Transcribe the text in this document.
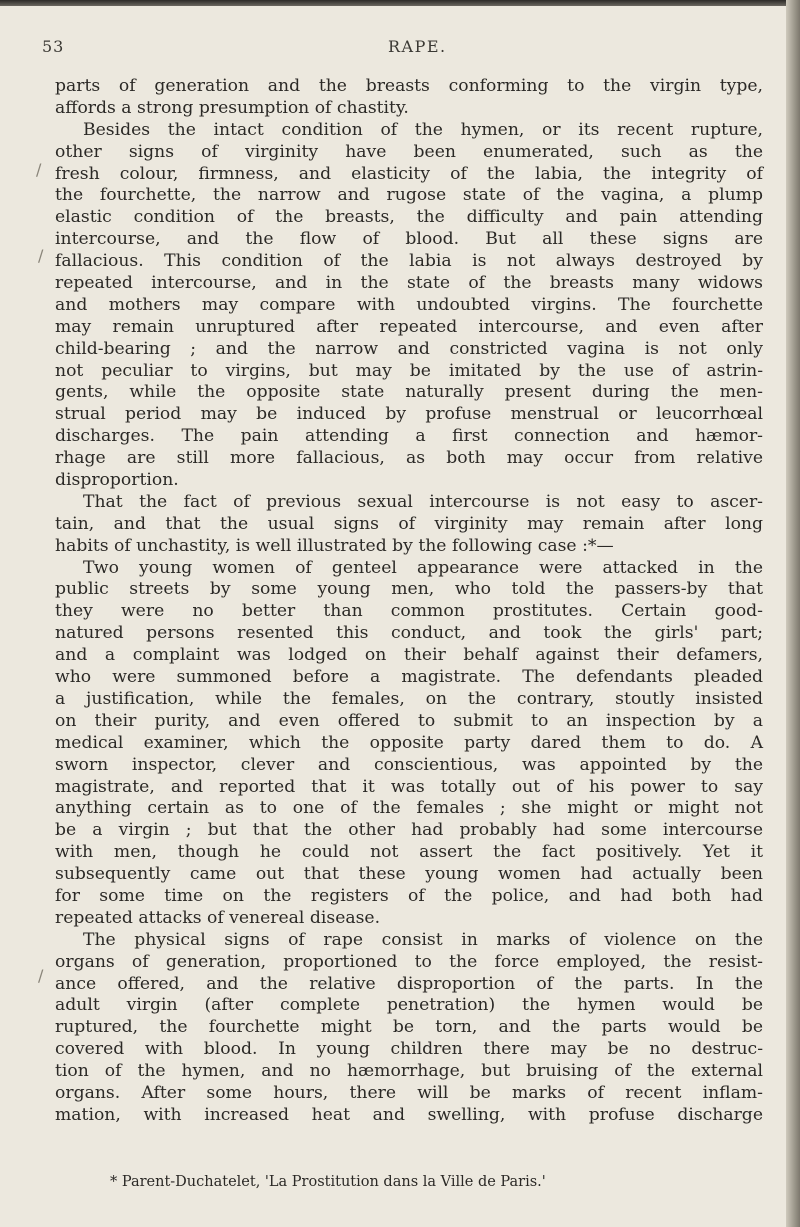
53	RAPE.
/
/
/
parts of generation and the breasts conforming to the virgin type,
affords a strong presumption of chastity.
Besides the intact condition of the hymen, or its recent rupture,
other signs of virginity have been enumerated, such as the
fresh colour, firmness, and elasticity of the labia, the integrity of
the fourchette, the narrow and rugose state of the vagina, a plump
elastic condition of the breasts, the difficulty and pain attending
intercourse, and the flow of blood. But all these signs are
fallacious. This condition of the labia is not always destroyed by
repeated intercourse, and in the state of the breasts many widows
and mothers may compare with undoubted virgins. The fourchette
may remain unruptured after repeated intercourse, and even after
child-bearing ; and the narrow and constricted vagina is not only
not peculiar to virgins, but may be imitated by the use of astrin-
gents, while the opposite state naturally present during the men-
strual period may be induced by profuse menstrual or leucorrhœal
discharges. The pain attending a first connection and hæmor-
rhage are still more fallacious, as both may occur from relative
disproportion.
That the fact of previous sexual intercourse is not easy to ascer-
tain, and that the usual signs of virginity may remain after long
habits of unchastity, is well illustrated by the following case :*—
Two young women of genteel appearance were attacked in the
public streets by some young men, who told the passers-by that
they were no better than common prostitutes. Certain good-
natured persons resented this conduct, and took the girls' part;
and a complaint was lodged on their behalf against their defamers,
who were summoned before a magistrate. The defendants pleaded
a justification, while the females, on the contrary, stoutly insisted
on their purity, and even offered to submit to an inspection by a
medical examiner, which the opposite party dared them to do. A
sworn inspector, clever and conscientious, was appointed by the
magistrate, and reported that it was totally out of his power to say
anything certain as to one of the females ; she might or might not
be a virgin ; but that the other had probably had some intercourse
with men, though he could not assert the fact positively. Yet it
subsequently came out that these young women had actually been
for some time on the registers of the police, and had both had
repeated attacks of venereal disease.
The physical signs of rape consist in marks of violence on the
organs of generation, proportioned to the force employed, the resist-
ance offered, and the relative disproportion of the parts. In the
adult virgin (after complete penetration) the hymen would be
ruptured, the fourchette might be torn, and the parts would be
covered with blood. In young children there may be no destruc-
tion of the hymen, and no hæmorrhage, but bruising of the external
organs. After some hours, there will be marks of recent inflam-
mation, with increased heat and swelling, with profuse discharge
* Parent-Duchatelet, 'La Prostitution dans la Ville de Paris.'
